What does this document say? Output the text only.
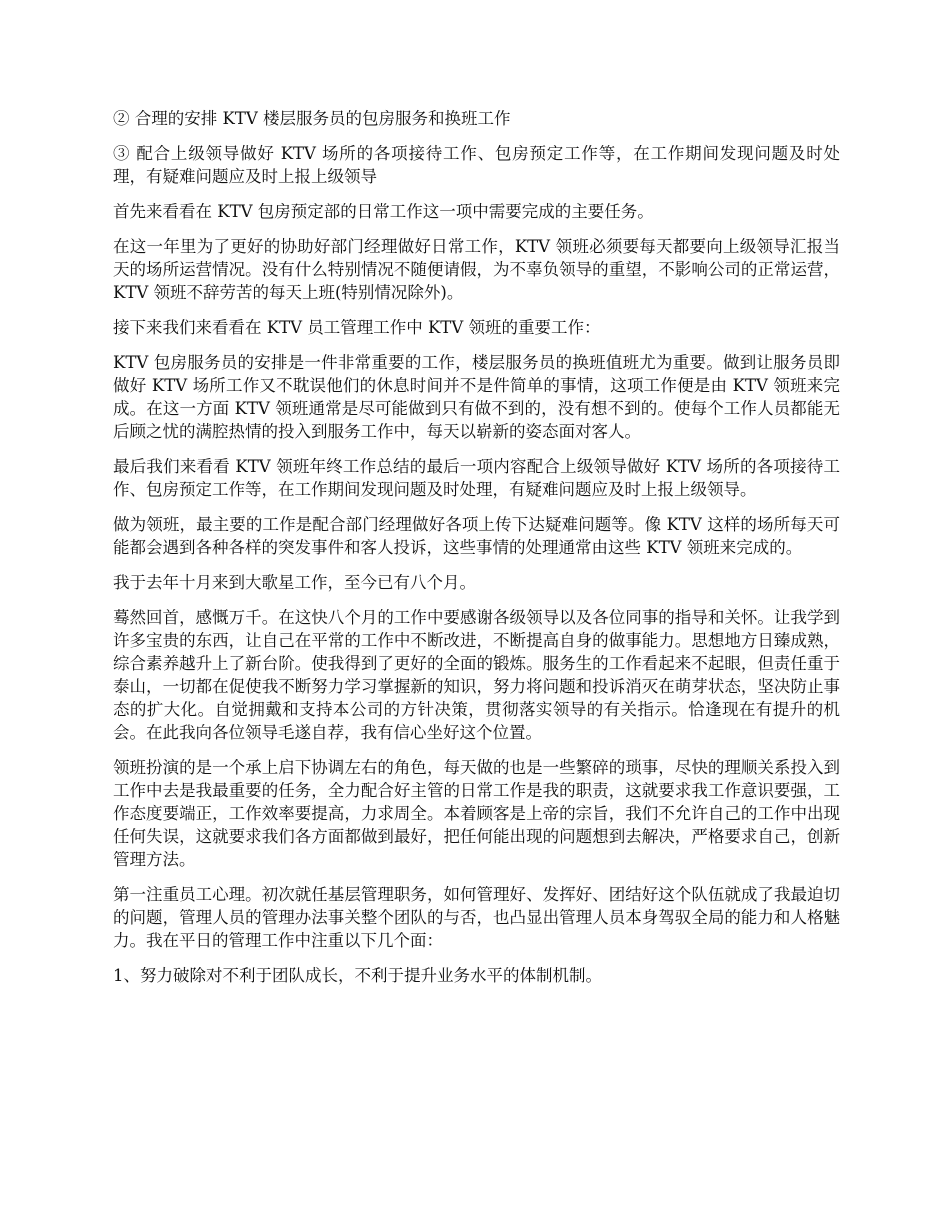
② 合理的安排 KTV 楼层服务员的包房服务和换班工作

③ 配合上级领导做好 KTV 场所的各项接待工作、包房预定工作等，在工作期间发现问题及时处理，有疑难问题应及时上报上级领导

首先来看看在 KTV 包房预定部的日常工作这一项中需要完成的主要任务。

在这一年里为了更好的协助好部门经理做好日常工作，KTV 领班必须要每天都要向上级领导汇报当天的场所运营情况。没有什么特别情况不随便请假，为不辜负领导的重望，不影响公司的正常运营，KTV 领班不辞劳苦的每天上班(特别情况除外)。

接下来我们来看看在 KTV 员工管理工作中 KTV 领班的重要工作：

KTV 包房服务员的安排是一件非常重要的工作，楼层服务员的换班值班尤为重要。做到让服务员即做好 KTV 场所工作又不耽误他们的休息时间并不是件简单的事情，这项工作便是由 KTV 领班来完成。在这一方面 KTV 领班通常是尽可能做到只有做不到的，没有想不到的。使每个工作人员都能无后顾之忧的满腔热情的投入到服务工作中，每天以崭新的姿态面对客人。

最后我们来看看 KTV 领班年终工作总结的最后一项内容配合上级领导做好 KTV 场所的各项接待工作、包房预定工作等，在工作期间发现问题及时处理，有疑难问题应及时上报上级领导。

做为领班，最主要的工作是配合部门经理做好各项上传下达疑难问题等。像 KTV 这样的场所每天可能都会遇到各种各样的突发事件和客人投诉，这些事情的处理通常由这些 KTV 领班来完成的。

我于去年十月来到大歌星工作，至今已有八个月。

蓦然回首，感慨万千。在这快八个月的工作中要感谢各级领导以及各位同事的指导和关怀。让我学到许多宝贵的东西，让自己在平常的工作中不断改进，不断提高自身的做事能力。思想地方日臻成熟，综合素养越升上了新台阶。使我得到了更好的全面的锻炼。服务生的工作看起来不起眼，但责任重于泰山，一切都在促使我不断努力学习掌握新的知识，努力将问题和投诉消灭在萌芽状态，坚决防止事态的扩大化。自觉拥戴和支持本公司的方针决策，贯彻落实领导的有关指示。恰逢现在有提升的机会。在此我向各位领导毛遂自荐，我有信心坐好这个位置。

领班扮演的是一个承上启下协调左右的角色，每天做的也是一些繁碎的琐事，尽快的理顺关系投入到工作中去是我最重要的任务，全力配合好主管的日常工作是我的职责，这就要求我工作意识要强，工作态度要端正，工作效率要提高，力求周全。本着顾客是上帝的宗旨，我们不允许自己的工作中出现任何失误，这就要求我们各方面都做到最好，把任何能出现的问题想到去解决，严格要求自己，创新管理方法。

第一注重员工心理。初次就任基层管理职务，如何管理好、发挥好、团结好这个队伍就成了我最迫切的问题，管理人员的管理办法事关整个团队的与否，也凸显出管理人员本身驾驭全局的能力和人格魅力。我在平日的管理工作中注重以下几个面：

1、努力破除对不利于团队成长，不利于提升业务水平的体制机制。
